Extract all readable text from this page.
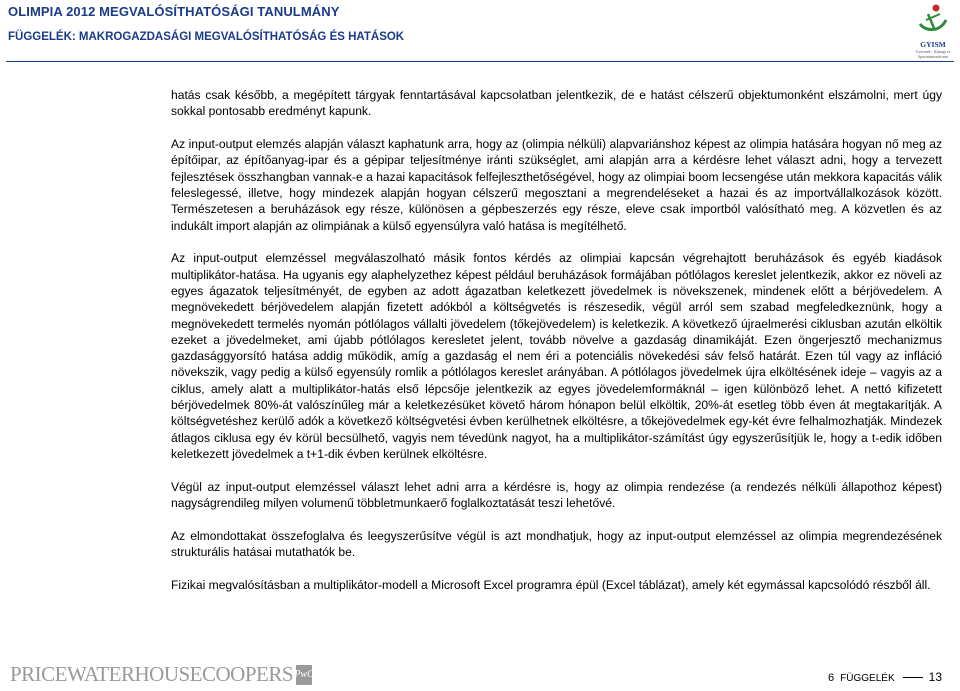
OLIMPIA 2012 MEGVALÓSÍTHATÓSÁGI TANULMÁNY
FÜGGELÉK: MAKROGAZDASÁGI MEGVALÓSÍTHATÓSÁG ÉS HATÁSOK
GYISM
Gyermek-, Ifjúsági és Sportminisztérium

hatás csak később, a megépített tárgyak fenntartásával kapcsolatban jelentkezik, de e hatást célszerű objektumonként elszámolni, mert úgy sokkal pontosabb eredményt kapunk.

Az input-output elemzés alapján választ kaphatunk arra, hogy az (olimpia nélküli) alapvariánshoz képest az olimpia hatására hogyan nő meg az építőipar, az építőanyag-ipar és a gépipar teljesítménye iránti szükséglet, ami alapján arra a kérdésre lehet választ adni, hogy a tervezett fejlesztések összhangban vannak-e a hazai kapacitások felfejleszthetőségével, hogy az olimpiai boom lecsengése után mekkora kapacitás válik feleslegessé, illetve, hogy mindezek alapján hogyan célszerű megosztani a megrendeléseket a hazai és az importvállalkozások között. Természetesen a beruházások egy része, különösen a gépbeszerzés egy része, eleve csak importból valósítható meg. A közvetlen és az indukált import alapján az olimpiának a külső egyensúlyra való hatása is megítélhető.

Az input-output elemzéssel megválaszolható másik fontos kérdés az olimpiai kapcsán végrehajtott beruházások és egyéb kiadások multiplikátor-hatása. Ha ugyanis egy alaphelyzethez képest például beruházások formájában pótlólagos kereslet jelentkezik, akkor ez növeli az egyes ágazatok teljesítményét, de egyben az adott ágazatban keletkezett jövedelmek is növekszenek, mindenek előtt a bérjövedelem. A megnövekedett bérjövedelem alapján fizetett adókból a költségvetés is részesedik, végül arról sem szabad megfeledkeznünk, hogy a megnövekedett termelés nyomán pótlólagos vállalti jövedelem (tőkejövedelem) is keletkezik. A következő újraelmerési ciklusban azután elköltik ezeket a jövedelmeket, ami újabb pótlólagos keresletet jelent, tovább növelve a gazdaság dinamikáját. Ezen öngerjesztő mechanizmus gazdasággyorsító hatása addig működik, amíg a gazdaság el nem éri a potenciális növekedési sáv felső határát. Ezen túl vagy az infláció növekszik, vagy pedig a külső egyensúly romlik a pótlólagos kereslet arányában. A pótlólagos jövedelmek újra elköltésének ideje – vagyis az a ciklus, amely alatt a multiplikátor-hatás első lépcsője jelentkezik az egyes jövedelemformáknál – igen különböző lehet. A nettó kifizetett bérjövedelmek 80%-át valószínűleg már a keletkezésüket követő három hónapon belül elköltik, 20%-át esetleg több éven át megtakarítják. A költségvetéshez kerülő adók a következő költségvetési évben kerülhetnek elköltésre, a tőkejövedelmek egy-két évre felhalmozhatják. Mindezek átlagos ciklusa egy év körül becsülhető, vagyis nem tévedünk nagyot, ha a multiplikátor-számítást úgy egyszerűsítjük le, hogy a t-edik időben keletkezett jövedelmek a t+1-dik évben kerülnek elköltésre.

Végül az input-output elemzéssel választ lehet adni arra a kérdésre is, hogy az olimpia rendezése (a rendezés nélküli állapothoz képest) nagyságrendileg milyen volumenű többletmunkaerő foglalkoztatását teszi lehetővé.

Az elmondottakat összefoglalva és leegyszerűsítve végül is azt mondhatjuk, hogy az input-output elemzéssel az olimpia megrendezésének strukturális hatásai mutathatók be.

Fizikai megvalósításban a multiplikátor-modell a Microsoft Excel programra épül (Excel táblázat), amely két egymással kapcsolódó részből áll.

PRICEWATERHOUSECOOPERS PwC	6 FÜGGELÉK	13
